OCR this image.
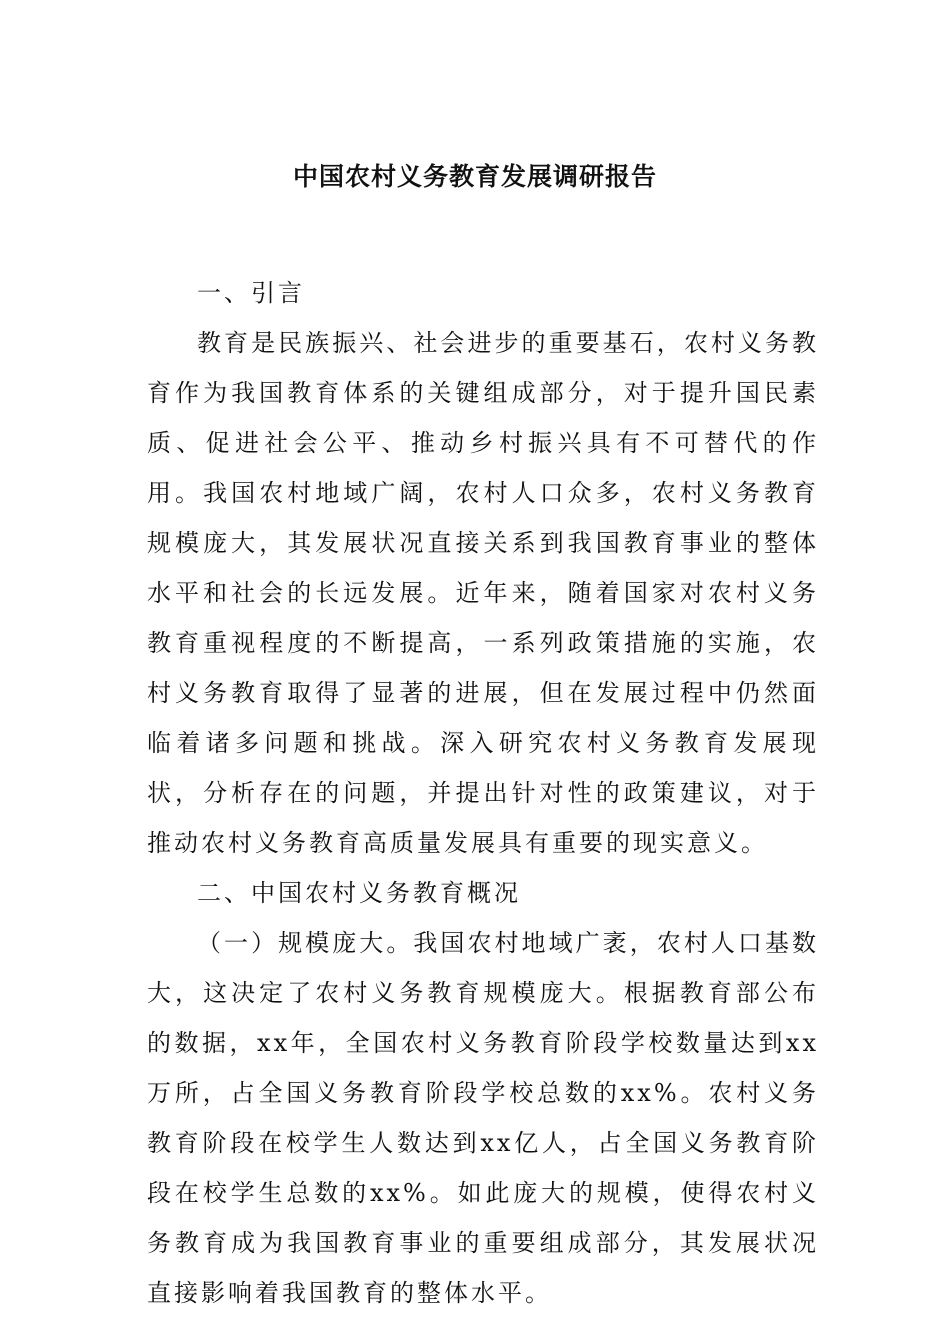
中国农村义务教育发展调研报告

一、引言

教育是民族振兴、社会进步的重要基石，农村义务教育作为我国教育体系的关键组成部分，对于提升国民素质、促进社会公平、推动乡村振兴具有不可替代的作用。我国农村地域广阔，农村人口众多，农村义务教育规模庞大，其发展状况直接关系到我国教育事业的整体水平和社会的长远发展。近年来，随着国家对农村义务教育重视程度的不断提高，一系列政策措施的实施，农村义务教育取得了显著的进展，但在发展过程中仍然面临着诸多问题和挑战。深入研究农村义务教育发展现状，分析存在的问题，并提出针对性的政策建议，对于推动农村义务教育高质量发展具有重要的现实意义。

二、中国农村义务教育概况

（一）规模庞大。我国农村地域广袤，农村人口基数大，这决定了农村义务教育规模庞大。根据教育部公布的数据，xx年，全国农村义务教育阶段学校数量达到xx万所，占全国义务教育阶段学校总数的xx%。农村义务教育阶段在校学生人数达到xx亿人，占全国义务教育阶段在校学生总数的xx%。如此庞大的规模，使得农村义务教育成为我国教育事业的重要组成部分，其发展状况直接影响着我国教育的整体水平。
